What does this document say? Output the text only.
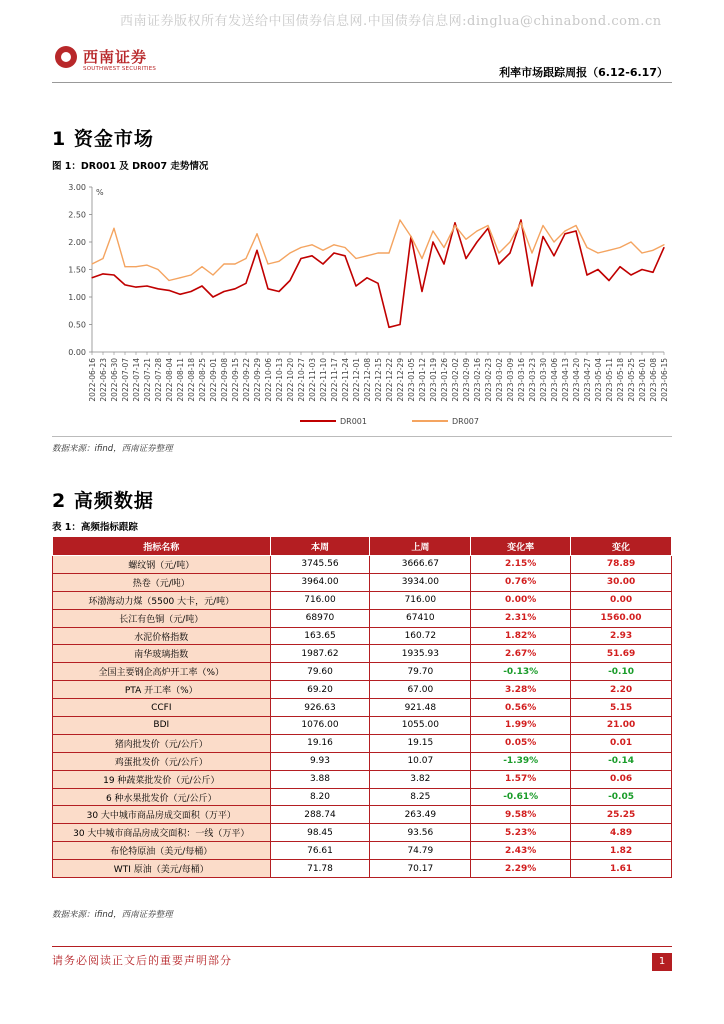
西南证券版权所有发送给中国债券信息网.中国债券信息网:dinglua@chinabond.com.cn
西南证券
SOUTHWEST SECURITIES	利率市场跟踪周报（6.12-6.17）
1 资金市场
图 1：DR001 及 DR007 走势情况
0.00
0.50
1.00
1.50
2.00
2.50
3.00
%
2022-06-16 2022-06-23 2022-06-30 2022-07-07 2022-07-14 2022-07-21 2022-07-28 2022-08-04 2022-08-11 2022-08-18 2022-08-25 2022-09-01 2022-09-08 2022-09-15 2022-09-22 2022-09-29 2022-10-06 2022-10-13 2022-10-20 2022-10-27 2022-11-03 2022-11-10 2022-11-17 2022-11-24 2022-12-01 2022-12-08 2022-12-15 2022-12-22 2022-12-29 2023-01-05 2023-01-12 2023-01-19 2023-01-26 2023-02-02 2023-02-09 2023-02-16 2023-02-23 2023-03-02 2023-03-09 2023-03-16 2023-03-23 2023-03-30 2023-04-06 2023-04-13 2023-04-20 2023-04-27 2023-05-04 2023-05-11 2023-05-18 2023-05-25 2023-06-01 2023-06-08 2023-06-15
DR001	DR007
数据来源：ifind，西南证券整理
2 高频数据
表 1：高频指标跟踪
指标名称	本周	上周	变化率	变化
螺纹钢（元/吨）	3745.56	3666.67	2.15%	78.89
热卷（元/吨）	3964.00	3934.00	0.76%	30.00
环渤海动力煤（5500 大卡，元/吨）	716.00	716.00	0.00%	0.00
长江有色铜（元/吨）	68970	67410	2.31%	1560.00
水泥价格指数	163.65	160.72	1.82%	2.93
南华玻璃指数	1987.62	1935.93	2.67%	51.69
全国主要钢企高炉开工率（%）	79.60	79.70	-0.13%	-0.10
PTA 开工率（%）	69.20	67.00	3.28%	2.20
CCFI	926.63	921.48	0.56%	5.15
BDI	1076.00	1055.00	1.99%	21.00
猪肉批发价（元/公斤）	19.16	19.15	0.05%	0.01
鸡蛋批发价（元/公斤）	9.93	10.07	-1.39%	-0.14
19 种蔬菜批发价（元/公斤）	3.88	3.82	1.57%	0.06
6 种水果批发价（元/公斤）	8.20	8.25	-0.61%	-0.05
30 大中城市商品房成交面积（万平）	288.74	263.49	9.58%	25.25
30 大中城市商品房成交面积：一线（万平）	98.45	93.56	5.23%	4.89
布伦特原油（美元/每桶）	76.61	74.79	2.43%	1.82
WTI 原油（美元/每桶）	71.78	70.17	2.29%	1.61
数据来源：ifind，西南证券整理
请务必阅读正文后的重要声明部分	1
